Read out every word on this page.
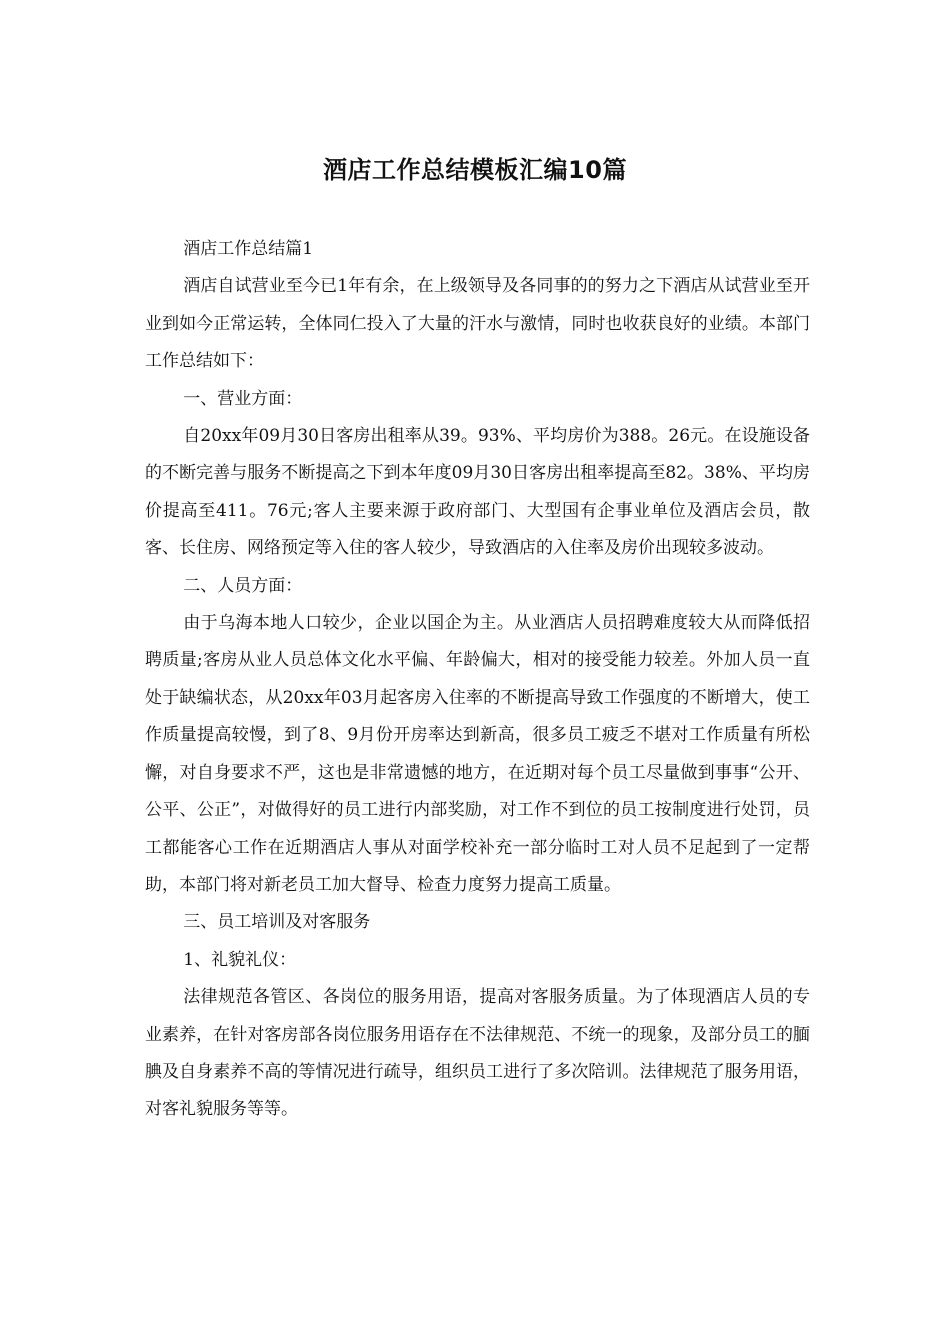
酒店工作总结模板汇编10篇

酒店工作总结篇1

酒店自试营业至今已1年有余，在上级领导及各同事的的努力之下酒店从试营业至开业到如今正常运转，全体同仁投入了大量的汗水与激情，同时也收获良好的业绩。本部门工作总结如下：

一、营业方面：

自20xx年09月30日客房出租率从39。93%、平均房价为388。26元。在设施设备的不断完善与服务不断提高之下到本年度09月30日客房出租率提高至82。38%、平均房价提高至411。76元;客人主要来源于政府部门、大型国有企事业单位及酒店会员，散客、长住房、网络预定等入住的客人较少，导致酒店的入住率及房价出现较多波动。

二、人员方面：

由于乌海本地人口较少，企业以国企为主。从业酒店人员招聘难度较大从而降低招聘质量;客房从业人员总体文化水平偏、年龄偏大，相对的接受能力较差。外加人员一直处于缺编状态，从20xx年03月起客房入住率的不断提高导致工作强度的不断增大，使工作质量提高较慢，到了8、9月份开房率达到新高，很多员工疲乏不堪对工作质量有所松懈，对自身要求不严，这也是非常遗憾的地方，在近期对每个员工尽量做到事事“公开、公平、公正”，对做得好的员工进行内部奖励，对工作不到位的员工按制度进行处罚，员工都能客心工作在近期酒店人事从对面学校补充一部分临时工对人员不足起到了一定帮助，本部门将对新老员工加大督导、检查力度努力提高工质量。

三、员工培训及对客服务

1、礼貌礼仪：

法律规范各管区、各岗位的服务用语，提高对客服务质量。为了体现酒店人员的专业素养，在针对客房部各岗位服务用语存在不法律规范、不统一的现象，及部分员工的腼腆及自身素养不高的等情况进行疏导，组织员工进行了多次陪训。法律规范了服务用语，对客礼貌服务等等。
